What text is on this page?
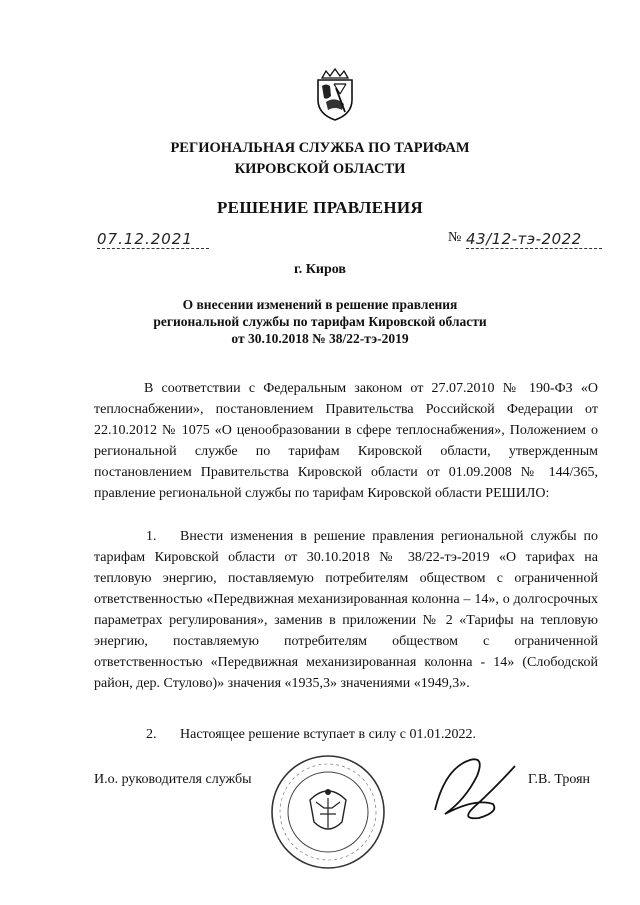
РЕГИОНАЛЬНАЯ СЛУЖБА ПО ТАРИФАМ
КИРОВСКОЙ ОБЛАСТИ
РЕШЕНИЕ ПРАВЛЕНИЯ
07.12.2021	№ 43/12-тэ-2022
г. Киров
О внесении изменений в решение правления
региональной службы по тарифам Кировской области
от 30.10.2018 № 38/22-тэ-2019
В соответствии с Федеральным законом от 27.07.2010 № 190-ФЗ «О теплоснабжении», постановлением Правительства Российской Федерации от 22.10.2012 № 1075 «О ценообразовании в сфере теплоснабжения», Положением о региональной службе по тарифам Кировской области, утвержденным постановлением Правительства Кировской области от 01.09.2008 № 144/365, правление региональной службы по тарифам Кировской области РЕШИЛО:
1. Внести изменения в решение правления региональной службы по тарифам Кировской области от 30.10.2018 № 38/22-тэ-2019 «О тарифах на тепловую энергию, поставляемую потребителям обществом с ограниченной ответственностью «Передвижная механизированная колонна – 14», о долгосрочных параметрах регулирования», заменив в приложении № 2 «Тарифы на тепловую энергию, поставляемую потребителям обществом с ограниченной ответственностью «Передвижная механизированная колонна - 14» (Слободской район, дер. Стулово)» значения «1935,3» значениями «1949,3».
2. Настоящее решение вступает в силу с 01.01.2022.
И.о. руководителя службы	Г.В. Троян
